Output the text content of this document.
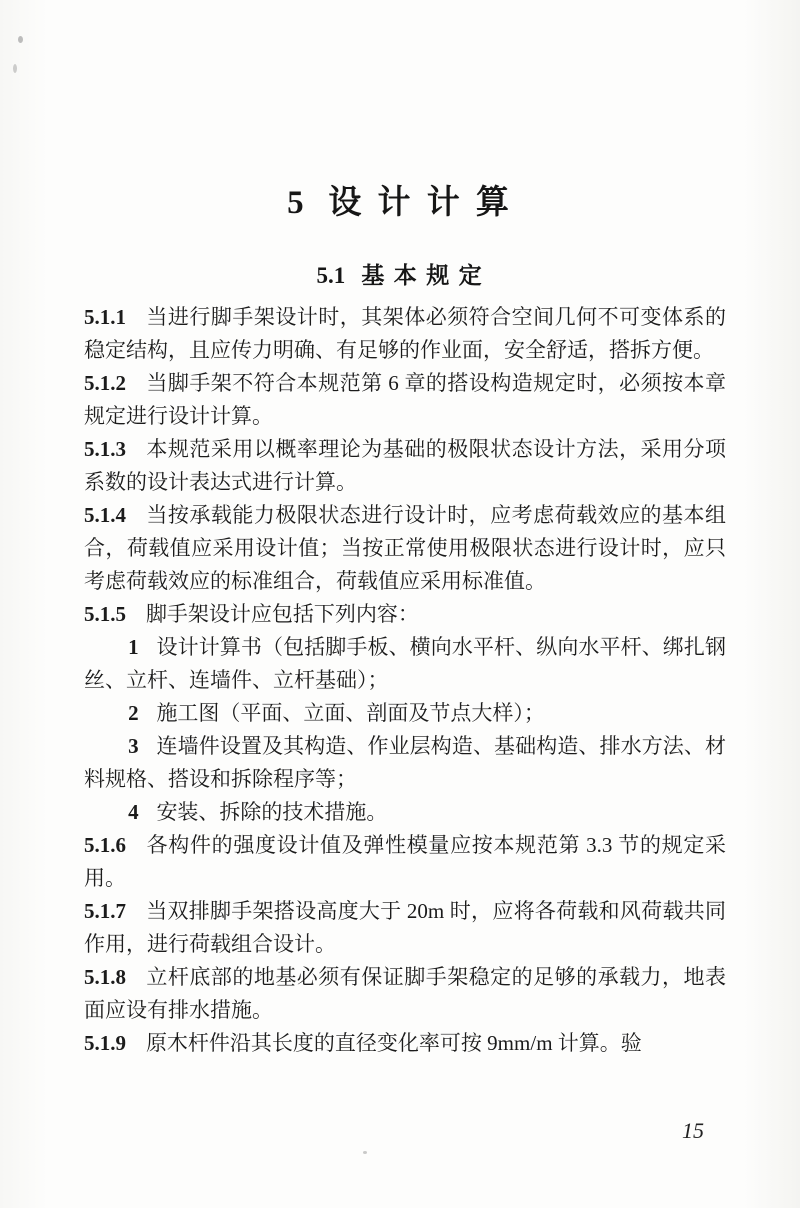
5 设 计 计 算
5.1 基 本 规 定

5.1.1 当进行脚手架设计时，其架体必须符合空间几何不可变体系的稳定结构，且应传力明确、有足够的作业面，安全舒适，搭拆方便。

5.1.2 当脚手架不符合本规范第 6 章的搭设构造规定时，必须按本章规定进行设计计算。

5.1.3 本规范采用以概率理论为基础的极限状态设计方法，采用分项系数的设计表达式进行计算。

5.1.4 当按承载能力极限状态进行设计时，应考虑荷载效应的基本组合，荷载值应采用设计值；当按正常使用极限状态进行设计时，应只考虑荷载效应的标准组合，荷载值应采用标准值。

5.1.5 脚手架设计应包括下列内容：

1 设计计算书（包括脚手板、横向水平杆、纵向水平杆、绑扎钢丝、立杆、连墙件、立杆基础）；

2 施工图（平面、立面、剖面及节点大样）；

3 连墙件设置及其构造、作业层构造、基础构造、排水方法、材料规格、搭设和拆除程序等；

4 安装、拆除的技术措施。

5.1.6 各构件的强度设计值及弹性模量应按本规范第 3.3 节的规定采用。

5.1.7 当双排脚手架搭设高度大于 20m 时，应将各荷载和风荷载共同作用，进行荷载组合设计。

5.1.8 立杆底部的地基必须有保证脚手架稳定的足够的承载力，地表面应设有排水措施。

5.1.9 原木杆件沿其长度的直径变化率可按 9mm/m 计算。验

15
